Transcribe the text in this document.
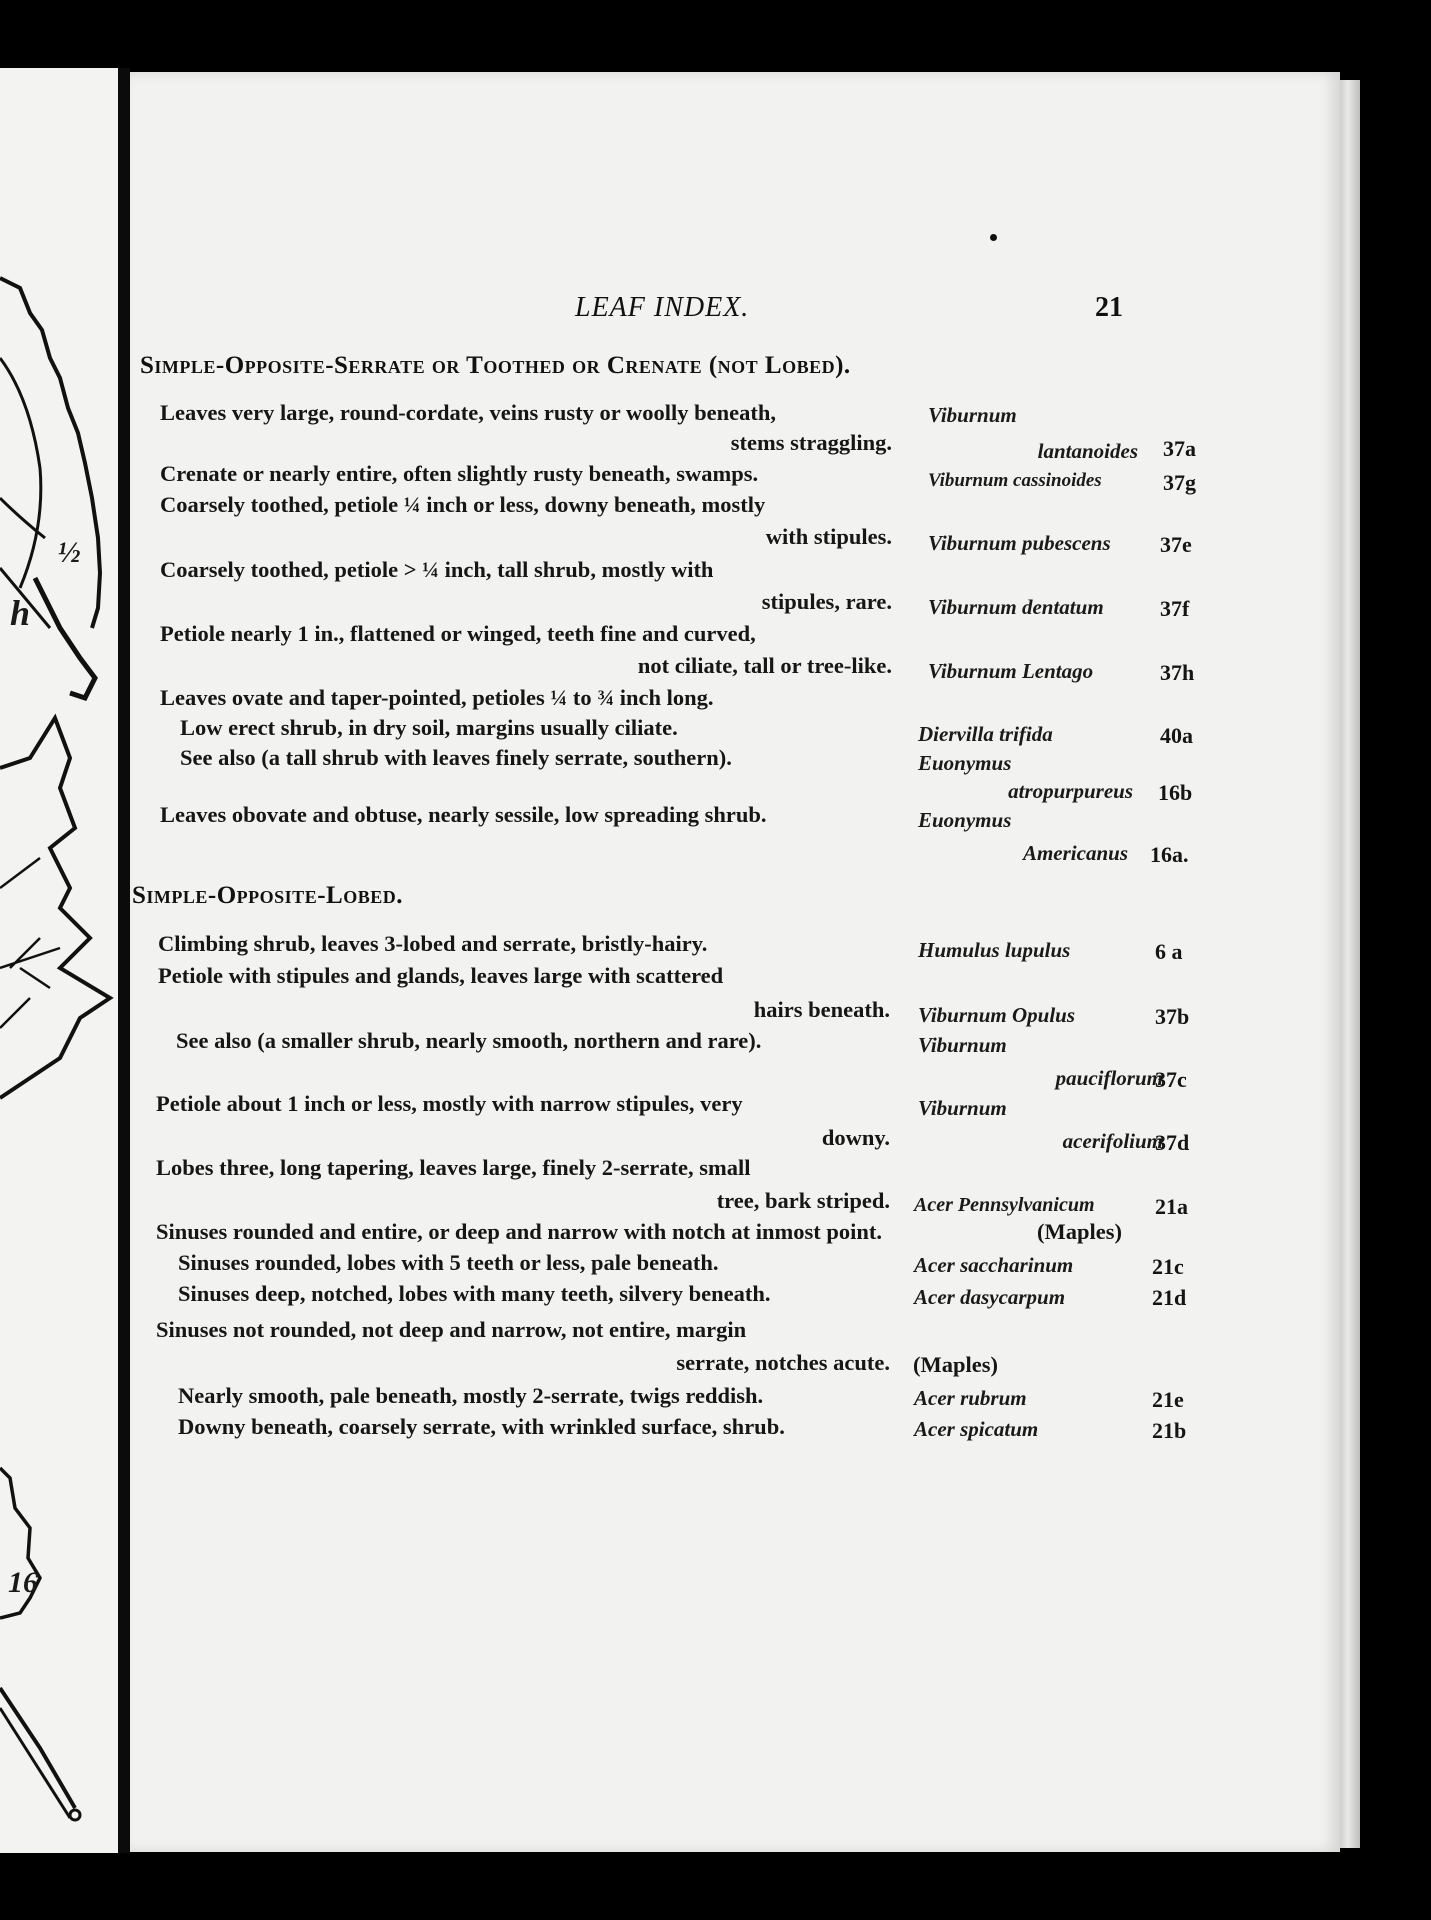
½
h
16
LEAF INDEX.	21
Simple-Opposite-Serrate or Toothed or Crenate (not Lobed).
Leaves very large, round-cordate, veins rusty or woolly beneath,
stems straggling.
Crenate or nearly entire, often slightly rusty beneath, swamps.
Coarsely toothed, petiole ¼ inch or less, downy beneath, mostly
with stipules.
Coarsely toothed, petiole > ¼ inch, tall shrub, mostly with
stipules, rare.
Petiole nearly 1 in., flattened or winged, teeth fine and curved,
not ciliate, tall or tree-like.
Leaves ovate and taper-pointed, petioles ¼ to ¾ inch long.
Low erect shrub, in dry soil, margins usually ciliate.
See also (a tall shrub with leaves finely serrate, southern).
Leaves obovate and obtuse, nearly sessile, low spreading shrub.
Viburnum
lantanoides
Viburnum cassinoides
Viburnum pubescens
Viburnum dentatum
Viburnum Lentago
Diervilla trifida
Euonymus
atropurpureus
Euonymus
Americanus
37a
37g
37e
37f
37h
40a
16b
16a.
Simple-Opposite-Lobed.
Climbing shrub, leaves 3-lobed and serrate, bristly-hairy.
Petiole with stipules and glands, leaves large with scattered
hairs beneath.
See also (a smaller shrub, nearly smooth, northern and rare).
Petiole about 1 inch or less, mostly with narrow stipules, very
downy.
Lobes three, long tapering, leaves large, finely 2-serrate, small
tree, bark striped.
Sinuses rounded and entire, or deep and narrow with notch at inmost point.
Sinuses rounded, lobes with 5 teeth or less, pale beneath.
Sinuses deep, notched, lobes with many teeth, silvery beneath.
Sinuses not rounded, not deep and narrow, not entire, margin
serrate, notches acute.
Nearly smooth, pale beneath, mostly 2-serrate, twigs reddish.
Downy beneath, coarsely serrate, with wrinkled surface, shrub.
Humulus lupulus
Viburnum Opulus
Viburnum
pauciflorum
Viburnum
acerifolium
Acer Pennsylvanicum
(Maples)
Acer saccharinum
Acer dasycarpum
(Maples)
Acer rubrum
Acer spicatum
6 a
37b
37c
37d
21a
21c
21d
21e
21b
